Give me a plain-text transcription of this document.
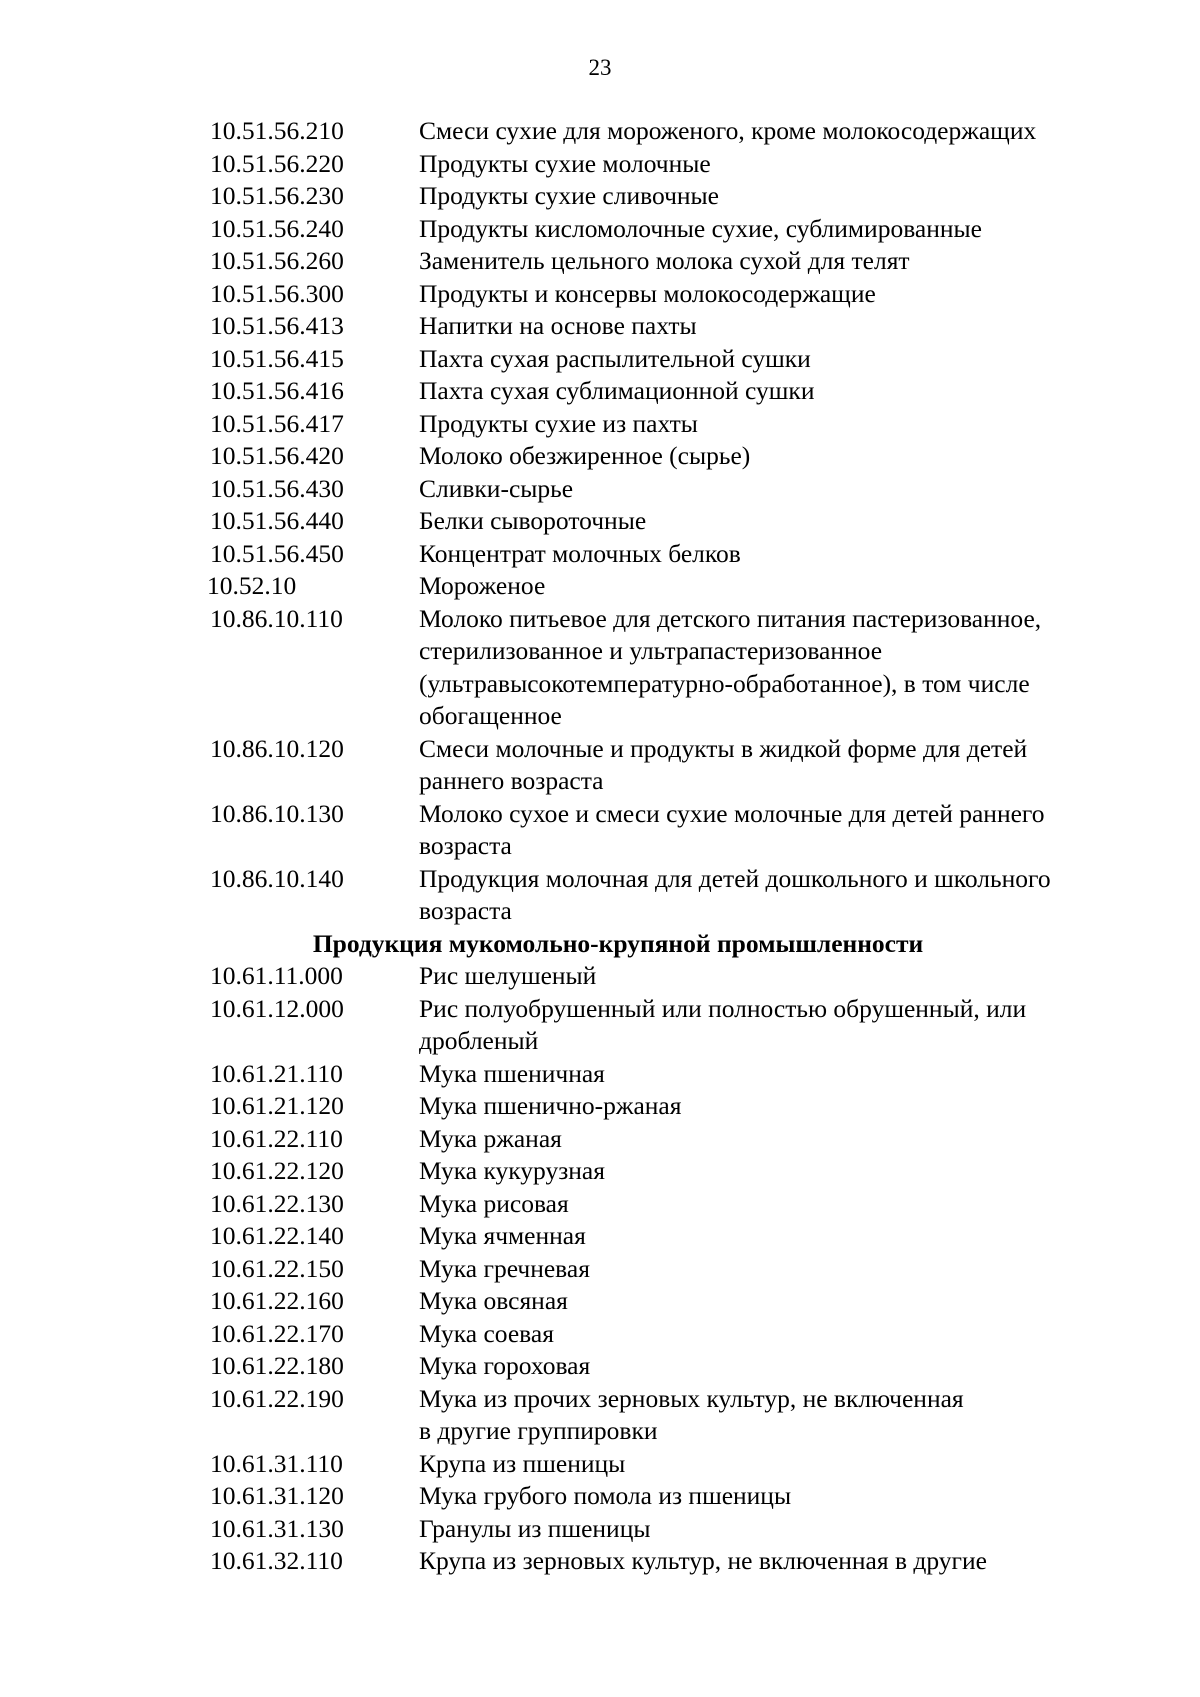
23
10.51.56.210	Смеси сухие для мороженого, кроме молокосодержащих
10.51.56.220	Продукты сухие молочные
10.51.56.230	Продукты сухие сливочные
10.51.56.240	Продукты кисломолочные сухие, сублимированные
10.51.56.260	Заменитель цельного молока сухой для телят
10.51.56.300	Продукты и консервы молокосодержащие
10.51.56.413	Напитки на основе пахты
10.51.56.415	Пахта сухая распылительной сушки
10.51.56.416	Пахта сухая сублимационной сушки
10.51.56.417	Продукты сухие из пахты
10.51.56.420	Молоко обезжиренное (сырье)
10.51.56.430	Сливки-сырье
10.51.56.440	Белки сывороточные
10.51.56.450	Концентрат молочных белков
10.52.10	Мороженое
10.86.10.110	Молоко питьевое для детского питания пастеризованное,
стерилизованное и ультрапастеризованное
(ультравысокотемпературно-обработанное), в том числе
обогащенное
10.86.10.120	Смеси молочные и продукты в жидкой форме для детей
раннего возраста
10.86.10.130	Молоко сухое и смеси сухие молочные для детей раннего
возраста
10.86.10.140	Продукция молочная для детей дошкольного и школьного
возраста
Продукция мукомольно-крупяной промышленности
10.61.11.000	Рис шелушеный
10.61.12.000	Рис полуобрушенный или полностью обрушенный, или
дробленый
10.61.21.110	Мука пшеничная
10.61.21.120	Мука пшенично-ржаная
10.61.22.110	Мука ржаная
10.61.22.120	Мука кукурузная
10.61.22.130	Мука рисовая
10.61.22.140	Мука ячменная
10.61.22.150	Мука гречневая
10.61.22.160	Мука овсяная
10.61.22.170	Мука соевая
10.61.22.180	Мука гороховая
10.61.22.190	Мука из прочих зерновых культур, не включенная
в другие группировки
10.61.31.110	Крупа из пшеницы
10.61.31.120	Мука грубого помола из пшеницы
10.61.31.130	Гранулы из пшеницы
10.61.32.110	Крупа из зерновых культур, не включенная в другие
